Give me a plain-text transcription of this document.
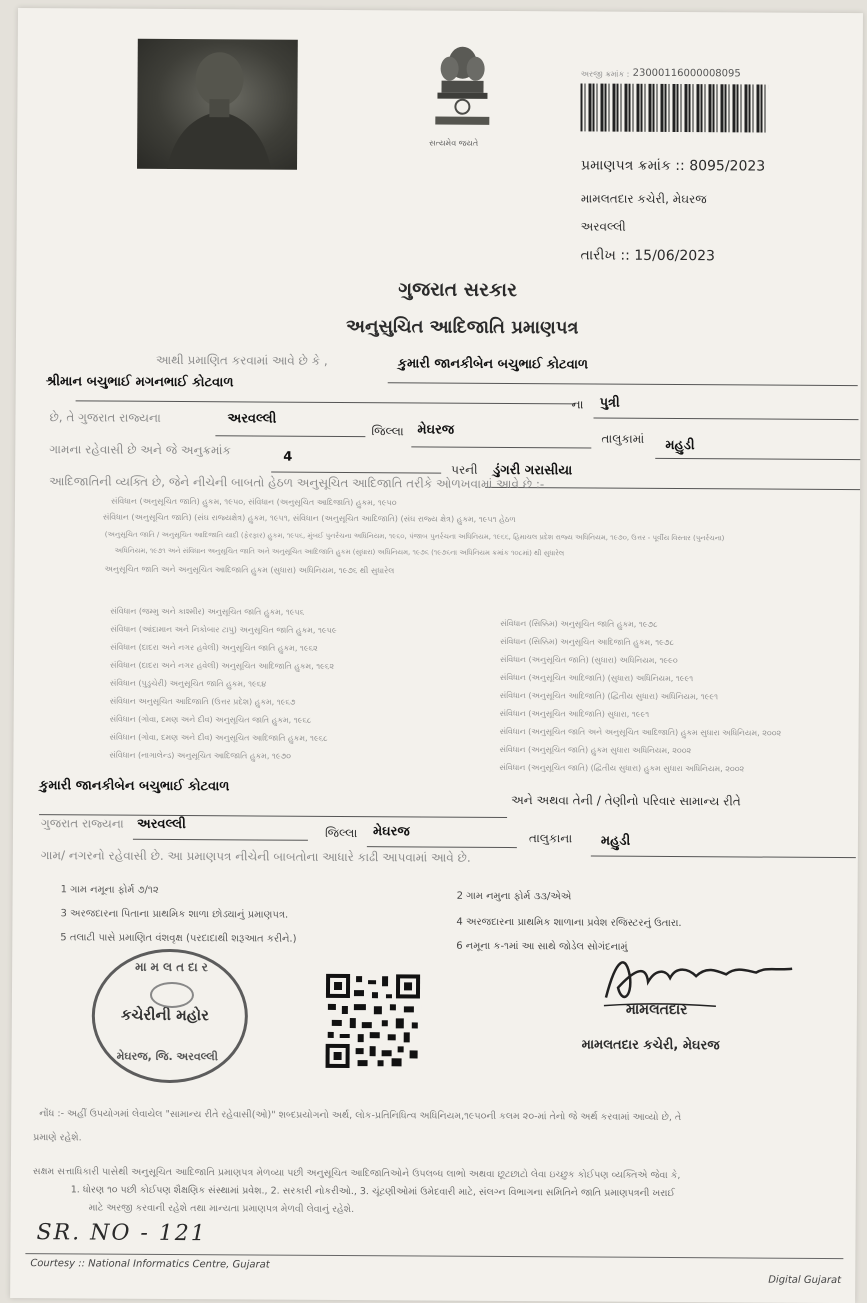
સત્યમેવ જયતે
અરજી ક્રમાંક : 23000116000008095
પ્રમાણપત્ર ક્રમાંક :: 8095/2023
મામલતદાર કચેરી, મેઘરજ
અરવલ્લી
તારીખ :: 15/06/2023
ગુજરાત સરકાર
અનુસુચિત આદિજાતિ પ્રમાણપત્ર
આથી પ્રમાણિત કરવામાં આવે છે કે ,	કુમારી જાનકીબેન બચુભાઈ કોટવાળ
શ્રીમાન બચુભાઈ મગનભાઈ કોટવાળ
ના પુત્રી
છે, તે ગુજરાત રાજ્યના	અરવલ્લી
જિલ્લા મેઘરજ
તાલુકામાં મહુડી
ગામના રહેવાસી છે અને જે અનુક્રમાંક	4
પરની ડુંગરી ગરાસીયા
આદિજાતિની વ્યક્તિ છે, જેને નીચેની બાબતો હેઠળ અનુસૂચિત આદિજાતિ તરીકે ઓળખવામાં આવે છે :-
સંવિધાન (અનુસૂચિત જાતિ) હુકમ, ૧૯૫૦, સંવિધાન (અનુસૂચિત આદિજાતિ) હુકમ, ૧૯૫૦
સંવિધાન (અનુસૂચિત જાતિ) (સંઘ રાજ્યક્ષેત્ર) હુકમ, ૧૯૫૧, સંવિધાન (અનુસૂચિત આદિજાતિ) (સંઘ રાજ્ય ક્ષેત્ર) હુકમ, ૧૯૫૧ હેઠળ
(અનુસૂચિત જાતિ / અનુસૂચિત આદિજાતિ યાદી (ફેરફાર) હુકમ, ૧૯૫૬, મુંબઈ પુનર્રચના અધિનિયમ, ૧૯૬૦, પંજાબ પુનર્રચના અધિનિયમ, ૧૯૬૬, હિમાચલ પ્રદેશ રાજ્ય અધિનિયમ, ૧૯૭૦, ઉત્તર - પૂર્વીય વિસ્તાર (પુનર્રચના)
અધિનિયમ, ૧૯૭૧ અને સંવિધાન અનુસૂચિત જાતિ અને અનુસૂચિત આદિજાતિ હુકમ (સુધારા) અધિનિયમ, ૧૯૭૬ (૧૯૭૬ના અધિનિયમ ક્રમાંક ૧૦૮માં) થી સુધારેલ
અનુસૂચિત જાતિ અને અનુસૂચિત આદિજાતિ હુકમ (સુધારા) અધિનિયમ, ૧૯૭૬ થી સુધારેલ
સંવિધાન (જમ્મુ અને કાશ્મીર) અનુસૂચિત જાતિ હુકમ, ૧૯૫૬
સંવિધાન (આંદામાન અને નિકોબાર ટાપુ) અનુસૂચિત જાતિ હુકમ, ૧૯૫૯
સંવિધાન (દાદરા અને નગર હવેલી) અનુસૂચિત જાતિ હુકમ, ૧૯૬૨
સંવિધાન (દાદરા અને નગર હવેલી) અનુસૂચિત આદિજાતિ હુકમ, ૧૯૬૨
સંવિધાન (પુડુચેરી) અનુસૂચિત જાતિ હુકમ, ૧૯૬૪
સંવિધાન અનુસૂચિત આદિજાતિ (ઉત્તર પ્રદેશ) હુકમ, ૧૯૬૭
સંવિધાન (ગોવા, દમણ અને દીવ) અનુસૂચિત જાતિ હુકમ, ૧૯૬૮
સંવિધાન (ગોવા, દમણ અને દીવ) અનુસૂચિત આદિજાતિ હુકમ, ૧૯૬૮
સંવિધાન (નાગાલેન્ડ) અનુસૂચિત આદિજાતિ હુકમ, ૧૯૭૦
સંવિધાન (સિક્કિમ) અનુસૂચિત જાતિ હુકમ, ૧૯૭૮
સંવિધાન (સિક્કિમ) અનુસૂચિત આદિજાતિ હુકમ, ૧૯૭૮
સંવિધાન (અનુસૂચિત જાતિ) (સુધારા) અધિનિયમ, ૧૯૯૦
સંવિધાન (અનુસૂચિત આદિજાતિ) (સુધારા) અધિનિયમ, ૧૯૯૧
સંવિધાન (અનુસૂચિત આદિજાતિ) (દ્વિતીય સુધારા) અધિનિયમ, ૧૯૯૧
સંવિધાન (અનુસૂચિત આદિજાતિ) સુધારા, ૧૯૯૧
સંવિધાન (અનુસૂચિત જાતિ અને અનુસૂચિત આદિજાતિ) હુકમ સુધારા અધિનિયમ, ૨૦૦૨
સંવિધાન (અનુસૂચિત જાતિ) હુકમ સુધારા અધિનિયમ, ૨૦૦૨
સંવિધાન (અનુસૂચિત જાતિ) (દ્વિતીય સુધારા) હુકમ સુધારા અધિનિયમ, ૨૦૦૨
કુમારી જાનકીબેન બચુભાઈ કોટવાળ
અને અથવા તેની / તેણીનો પરિવાર સામાન્ય રીતે
ગુજરાત રાજ્યના અરવલ્લી
જિલ્લા મેઘરજ	તાલુકાના મહુડી
ગામ/ નગરનો રહેવાસી છે. આ પ્રમાણપત્ર નીચેની બાબતોના આધારે કાઢી આપવામાં આવે છે.
1 ગામ નમૂના ફોર્મ ૭/૧૨
2 ગામ નમુના ફોર્મ ૩૩/એએ
3 અરજદારના પિતાના પ્રાથમિક શાળા છોડ્યાનું પ્રમાણપત્ર.
4 અરજદારના પ્રાથમિક શાળાના પ્રવેશ રજિસ્ટરનું ઉતારા.
5 તલાટી પાસે પ્રમાણિત વંશવૃક્ષ (પરદાદાથી શરૂઆત કરીને.)
6 નમૂના ક-૧માં આ સાથે જોડેલ સોગંદનામું
મામલતદાર
કચેરીની મહોર
મેઘરજ, જિ. અરવલ્લી
મામલતદાર
મામલતદાર કચેરી, મેઘરજ
નોંધ :- અહીં ઉપયોગમાં લેવાયેલ "સામાન્ય રીતે રહેવાસી(ઓ)" શબ્દપ્રયોગનો અર્થ, લોક-પ્રતિનિધિત્વ અધિનિયમ,૧૯૫૦ની કલમ ૨૦-માં તેનો જે અર્થ કરવામાં આવ્યો છે, તે
પ્રમાણે રહેશે.
સક્ષમ સત્તાધિકારી પાસેથી અનુસૂચિત આદિજાતિ પ્રમાણપત્ર મેળવ્યા પછી અનુસૂચિત આદિજાતિઓને ઉપલબ્ધ લાભો અથવા છૂટછાટો લેવા ઇચ્છુક કોઈપણ વ્યક્તિએ જેવા કે,
1. ધોરણ ૧૦ પછી કોઈપણ શૈક્ષણિક સંસ્થામાં પ્રવેશ., 2. સરકારી નોકરીઓ., 3. ચૂંટણીઓમાં ઉમેદવારી માટે, સંલગ્ન વિભાગના સમિતિને જાતિ પ્રમાણપત્રની ખરાઈ
માટે અરજી કરવાની રહેશે તથા માન્યતા પ્રમાણપત્ર મેળવી લેવાનું રહેશે.
SR. NO - 121
Courtesy :: National Informatics Centre, Gujarat
Digital Gujarat
